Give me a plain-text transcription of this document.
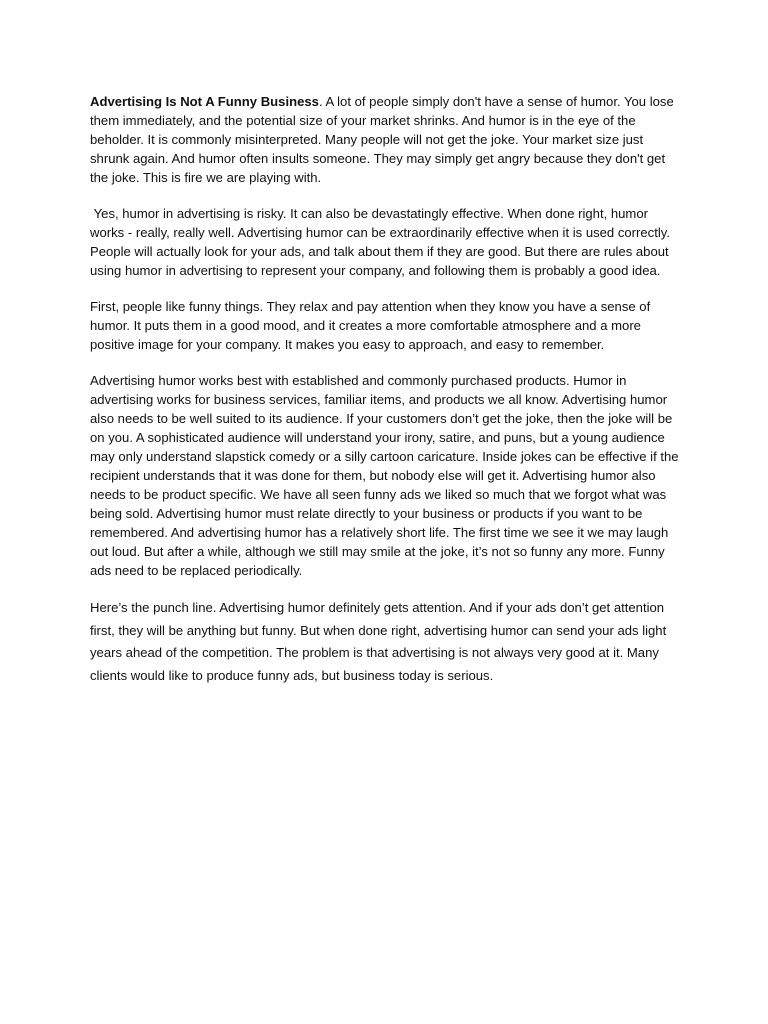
Advertising Is Not A Funny Business. A lot of people simply don't have a sense of humor. You lose them immediately, and the potential size of your market shrinks. And humor is in the eye of the beholder. It is commonly misinterpreted. Many people will not get the joke. Your market size just shrunk again. And humor often insults someone. They may simply get angry because they don't get the joke. This is fire we are playing with.

Yes, humor in advertising is risky. It can also be devastatingly effective. When done right, humor works - really, really well. Advertising humor can be extraordinarily effective when it is used correctly. People will actually look for your ads, and talk about them if they are good. But there are rules about using humor in advertising to represent your company, and following them is probably a good idea.

First, people like funny things. They relax and pay attention when they know you have a sense of humor. It puts them in a good mood, and it creates a more comfortable atmosphere and a more positive image for your company. It makes you easy to approach, and easy to remember.

Advertising humor works best with established and commonly purchased products. Humor in advertising works for business services, familiar items, and products we all know. Advertising humor also needs to be well suited to its audience. If your customers don’t get the joke, then the joke will be on you. A sophisticated audience will understand your irony, satire, and puns, but a young audience may only understand slapstick comedy or a silly cartoon caricature. Inside jokes can be effective if the recipient understands that it was done for them, but nobody else will get it. Advertising humor also needs to be product specific. We have all seen funny ads we liked so much that we forgot what was being sold. Advertising humor must relate directly to your business or products if you want to be remembered. And advertising humor has a relatively short life. The first time we see it we may laugh out loud. But after a while, although we still may smile at the joke, it’s not so funny any more. Funny ads need to be replaced periodically.

Here’s the punch line. Advertising humor definitely gets attention. And if your ads don’t get attention first, they will be anything but funny. But when done right, advertising humor can send your ads light years ahead of the competition. The problem is that advertising is not always very good at it. Many clients would like to produce funny ads, but business today is serious.
